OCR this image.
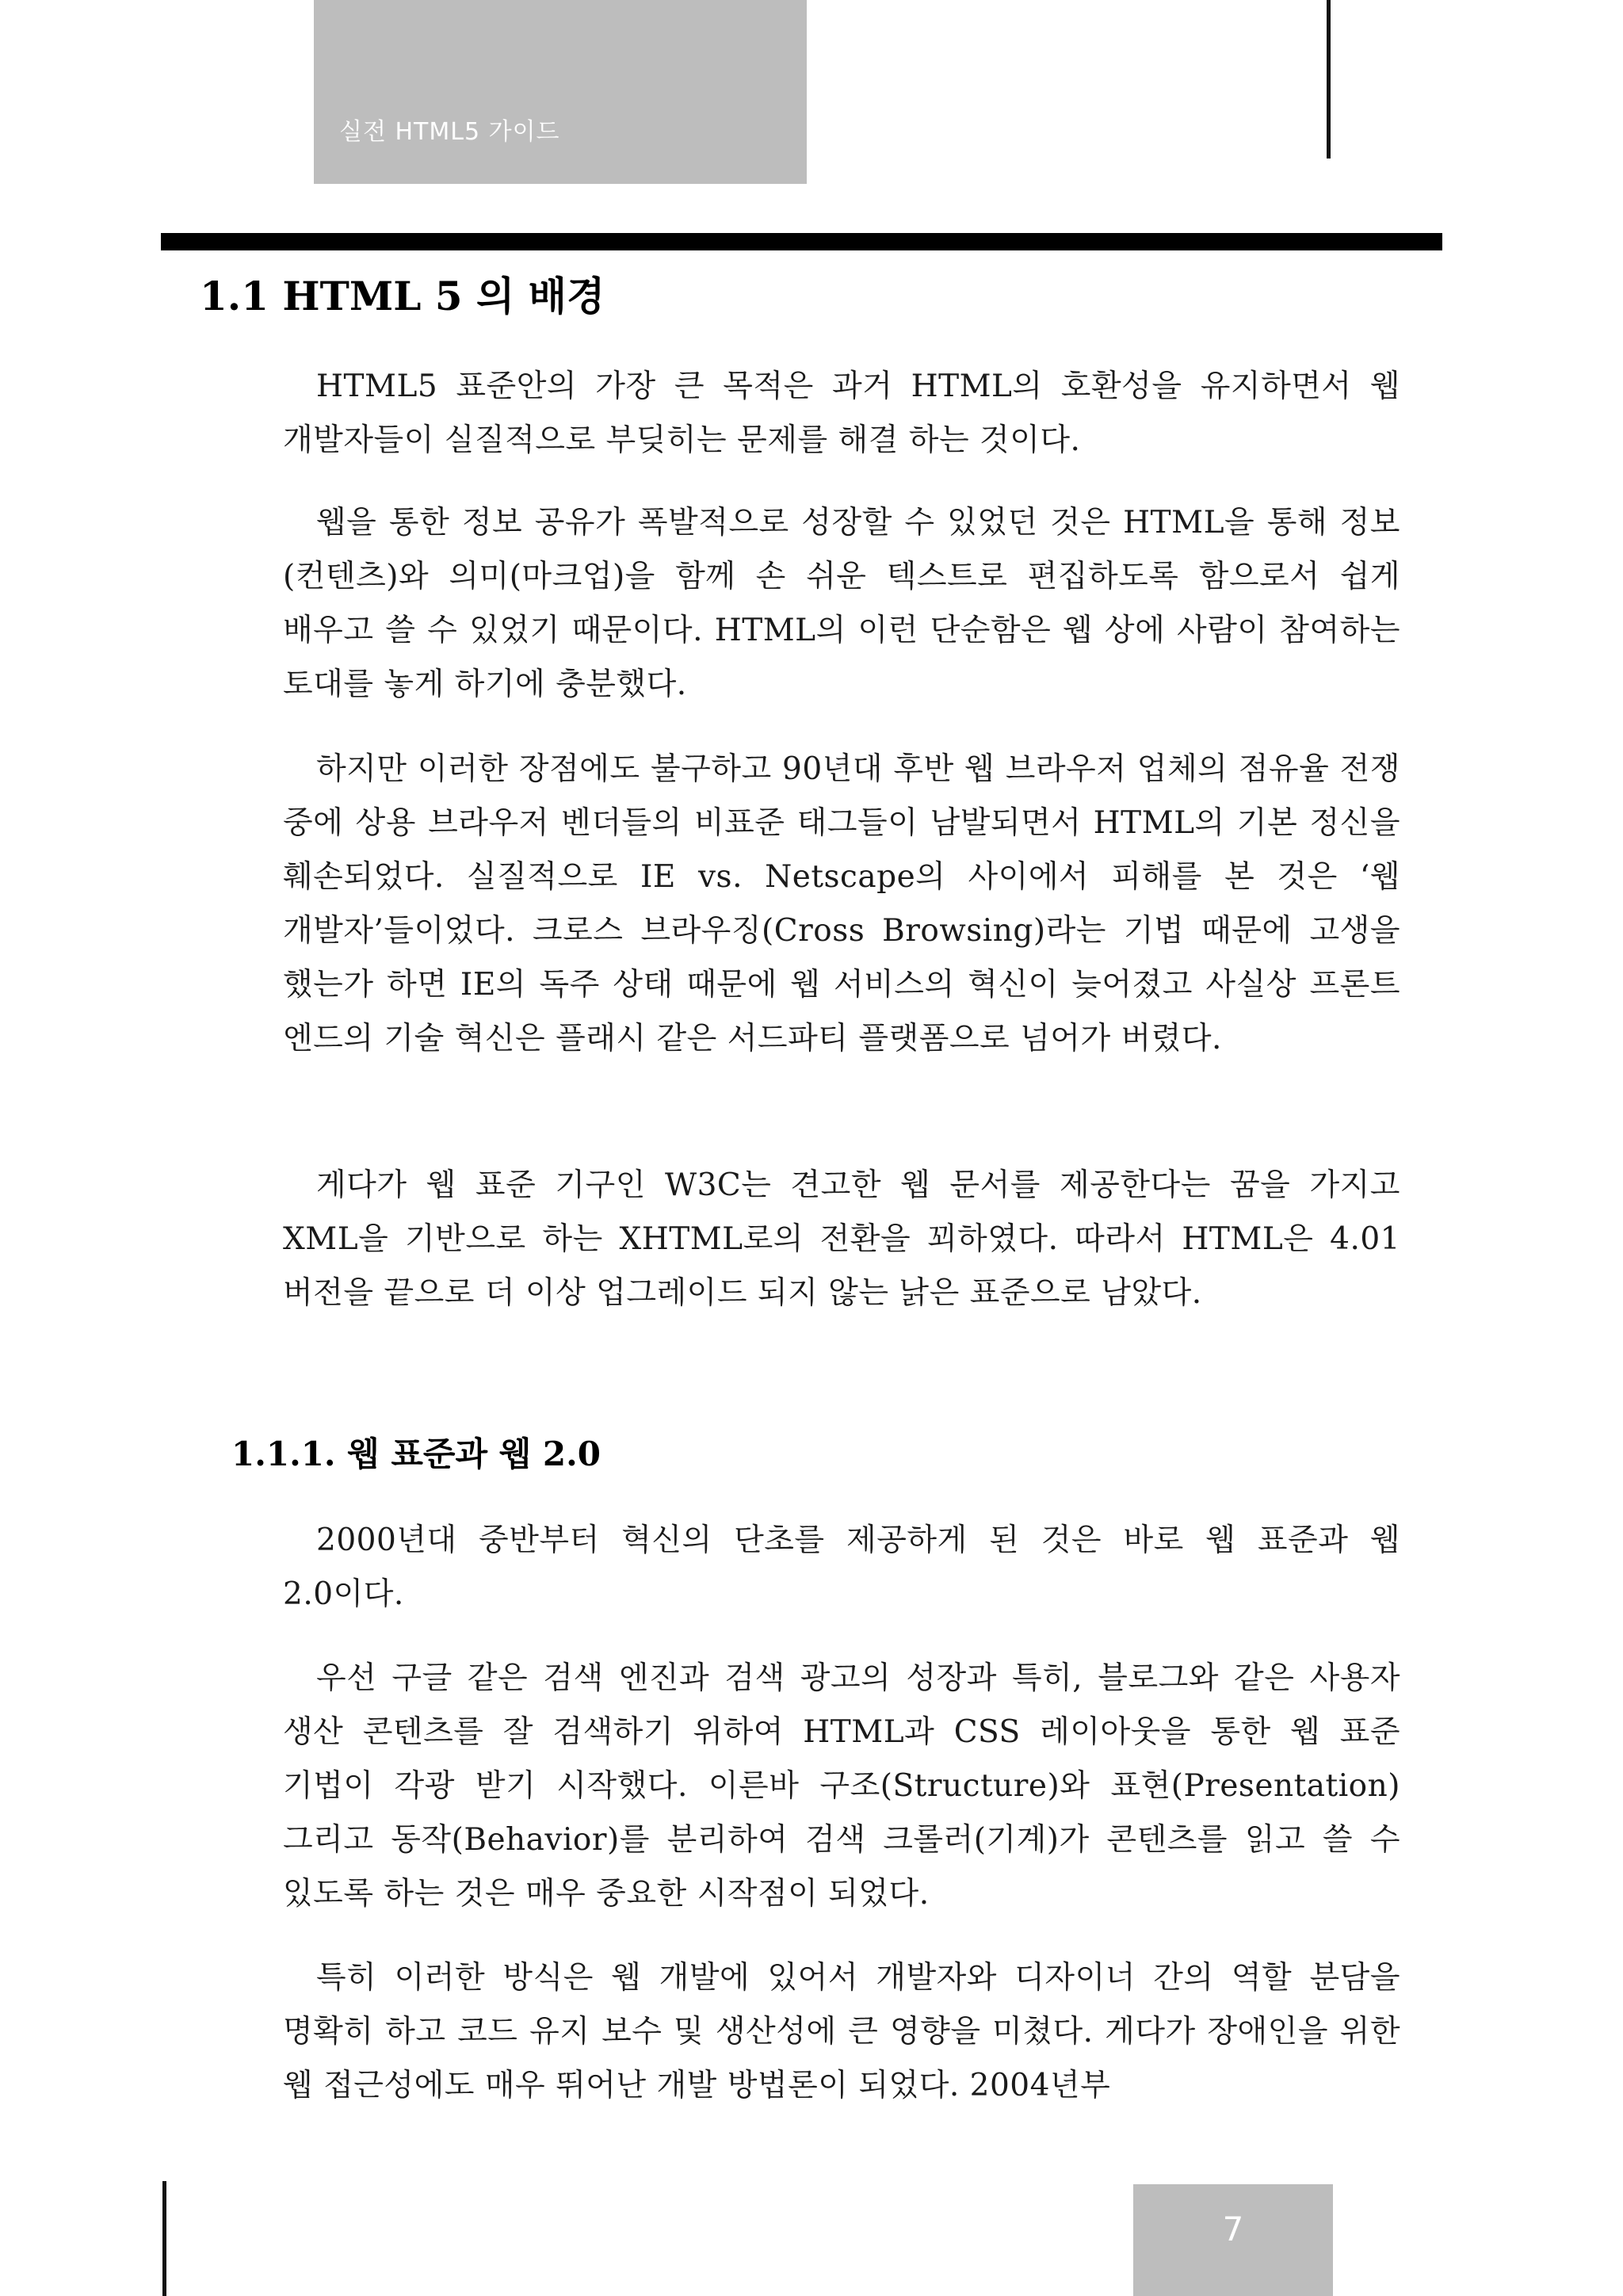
실전 HTML5 가이드
1.1 HTML 5 의 배경

HTML5 표준안의 가장 큰 목적은 과거 HTML의 호환성을 유지하면서 웹 개발자들이 실질적으로 부딪히는 문제를 해결 하는 것이다.

웹을 통한 정보 공유가 폭발적으로 성장할 수 있었던 것은 HTML을 통해 정보(컨텐츠)와 의미(마크업)을 함께 손 쉬운 텍스트로 편집하도록 함으로서 쉽게 배우고 쓸 수 있었기 때문이다. HTML의 이런 단순함은 웹 상에 사람이 참여하는 토대를 놓게 하기에 충분했다.

하지만 이러한 장점에도 불구하고 90년대 후반 웹 브라우저 업체의 점유율 전쟁 중에 상용 브라우저 벤더들의 비표준 태그들이 남발되면서 HTML의 기본 정신을 훼손되었다. 실질적으로 IE vs. Netscape의 사이에서 피해를 본 것은 ‘웹 개발자’들이었다. 크로스 브라우징(Cross Browsing)라는 기법 때문에 고생을 했는가 하면 IE의 독주 상태 때문에 웹 서비스의 혁신이 늦어졌고 사실상 프론트 엔드의 기술 혁신은 플래시 같은 서드파티 플랫폼으로 넘어가 버렸다.

게다가 웹 표준 기구인 W3C는 견고한 웹 문서를 제공한다는 꿈을 가지고 XML을 기반으로 하는 XHTML로의 전환을 꾀하였다. 따라서 HTML은 4.01 버전을 끝으로 더 이상 업그레이드 되지 않는 낡은 표준으로 남았다.

1.1.1. 웹 표준과 웹 2.0

2000년대 중반부터 혁신의 단초를 제공하게 된 것은 바로 웹 표준과 웹 2.0이다.

우선 구글 같은 검색 엔진과 검색 광고의 성장과 특히, 블로그와 같은 사용자 생산 콘텐츠를 잘 검색하기 위하여 HTML과 CSS 레이아웃을 통한 웹 표준 기법이 각광 받기 시작했다. 이른바 구조(Structure)와 표현(Presentation) 그리고 동작(Behavior)를 분리하여 검색 크롤러(기계)가 콘텐츠를 읽고 쓸 수 있도록 하는 것은 매우 중요한 시작점이 되었다.

특히 이러한 방식은 웹 개발에 있어서 개발자와 디자이너 간의 역할 분담을 명확히 하고 코드 유지 보수 및 생산성에 큰 영향을 미쳤다. 게다가 장애인을 위한 웹 접근성에도 매우 뛰어난 개발 방법론이 되었다. 2004년부

7
